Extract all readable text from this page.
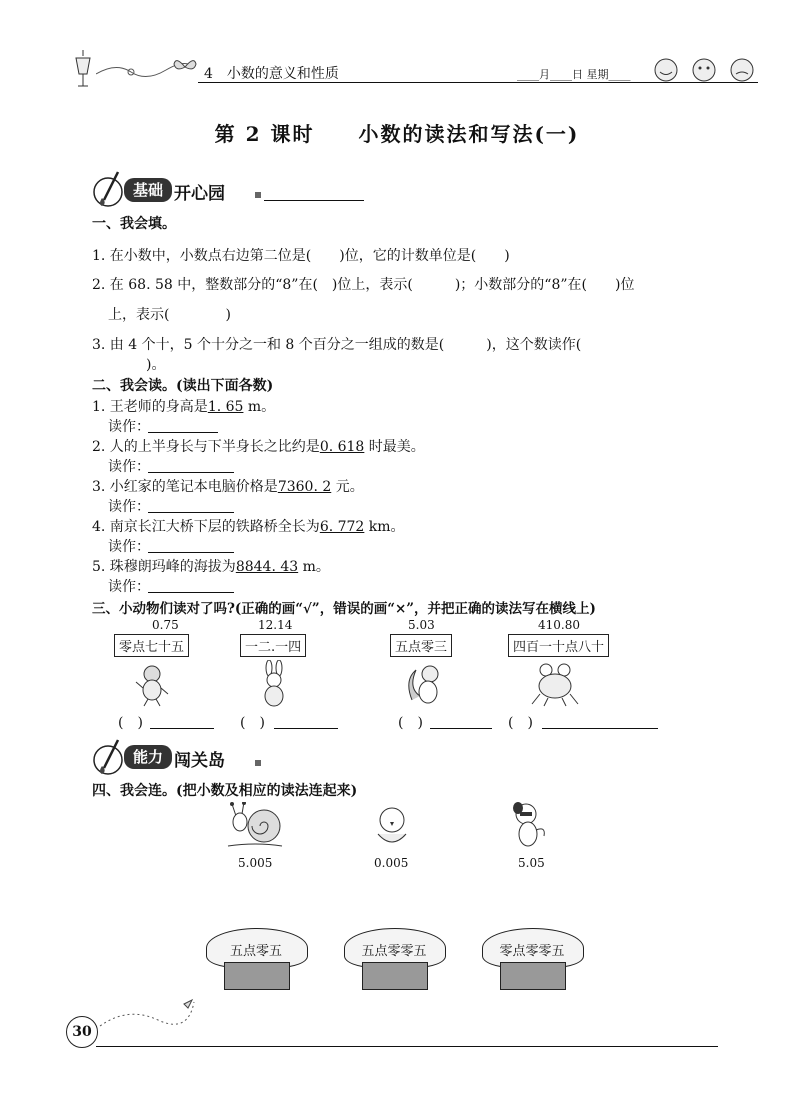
4　小数的意义和性质	____月____日 星期____
第 2 课时　　小数的读法和写法(一)
基础 开心园
一、我会填。
1. 在小数中，小数点右边第二位是(　　)位，它的计数单位是(　　)
2. 在 68. 58 中，整数部分的“8”在(　)位上，表示(　　　)；小数部分的“8”在(　　)位
上，表示(　　　　)
3. 由 4 个十，5 个十分之一和 8 个百分之一组成的数是(　　　)，这个数读作(
　)。
二、我会读。(读出下面各数)
1. 王老师的身高是1. 65 m。
读作：
2. 人的上半身长与下半身长之比约是0. 618 时最美。
读作：
3. 小红家的笔记本电脑价格是7360. 2 元。
读作：
4. 南京长江大桥下层的铁路桥全长为6. 772 km。
读作：
5. 珠穆朗玛峰的海拔为8844. 43 m。
读作：
三、小动物们读对了吗?(正确的画“√”，错误的画“×”，并把正确的读法写在横线上)
0.75
零点七十五
(　)
12.14
一二.一四
(　)
5.03
五点零三
(　)
410.80
四百一十点八十
(　)
能力 闯关岛
四、我会连。(把小数及相应的读法连起来)
5.005	0.005	5.05
五点零五	五点零零五	零点零零五
30
